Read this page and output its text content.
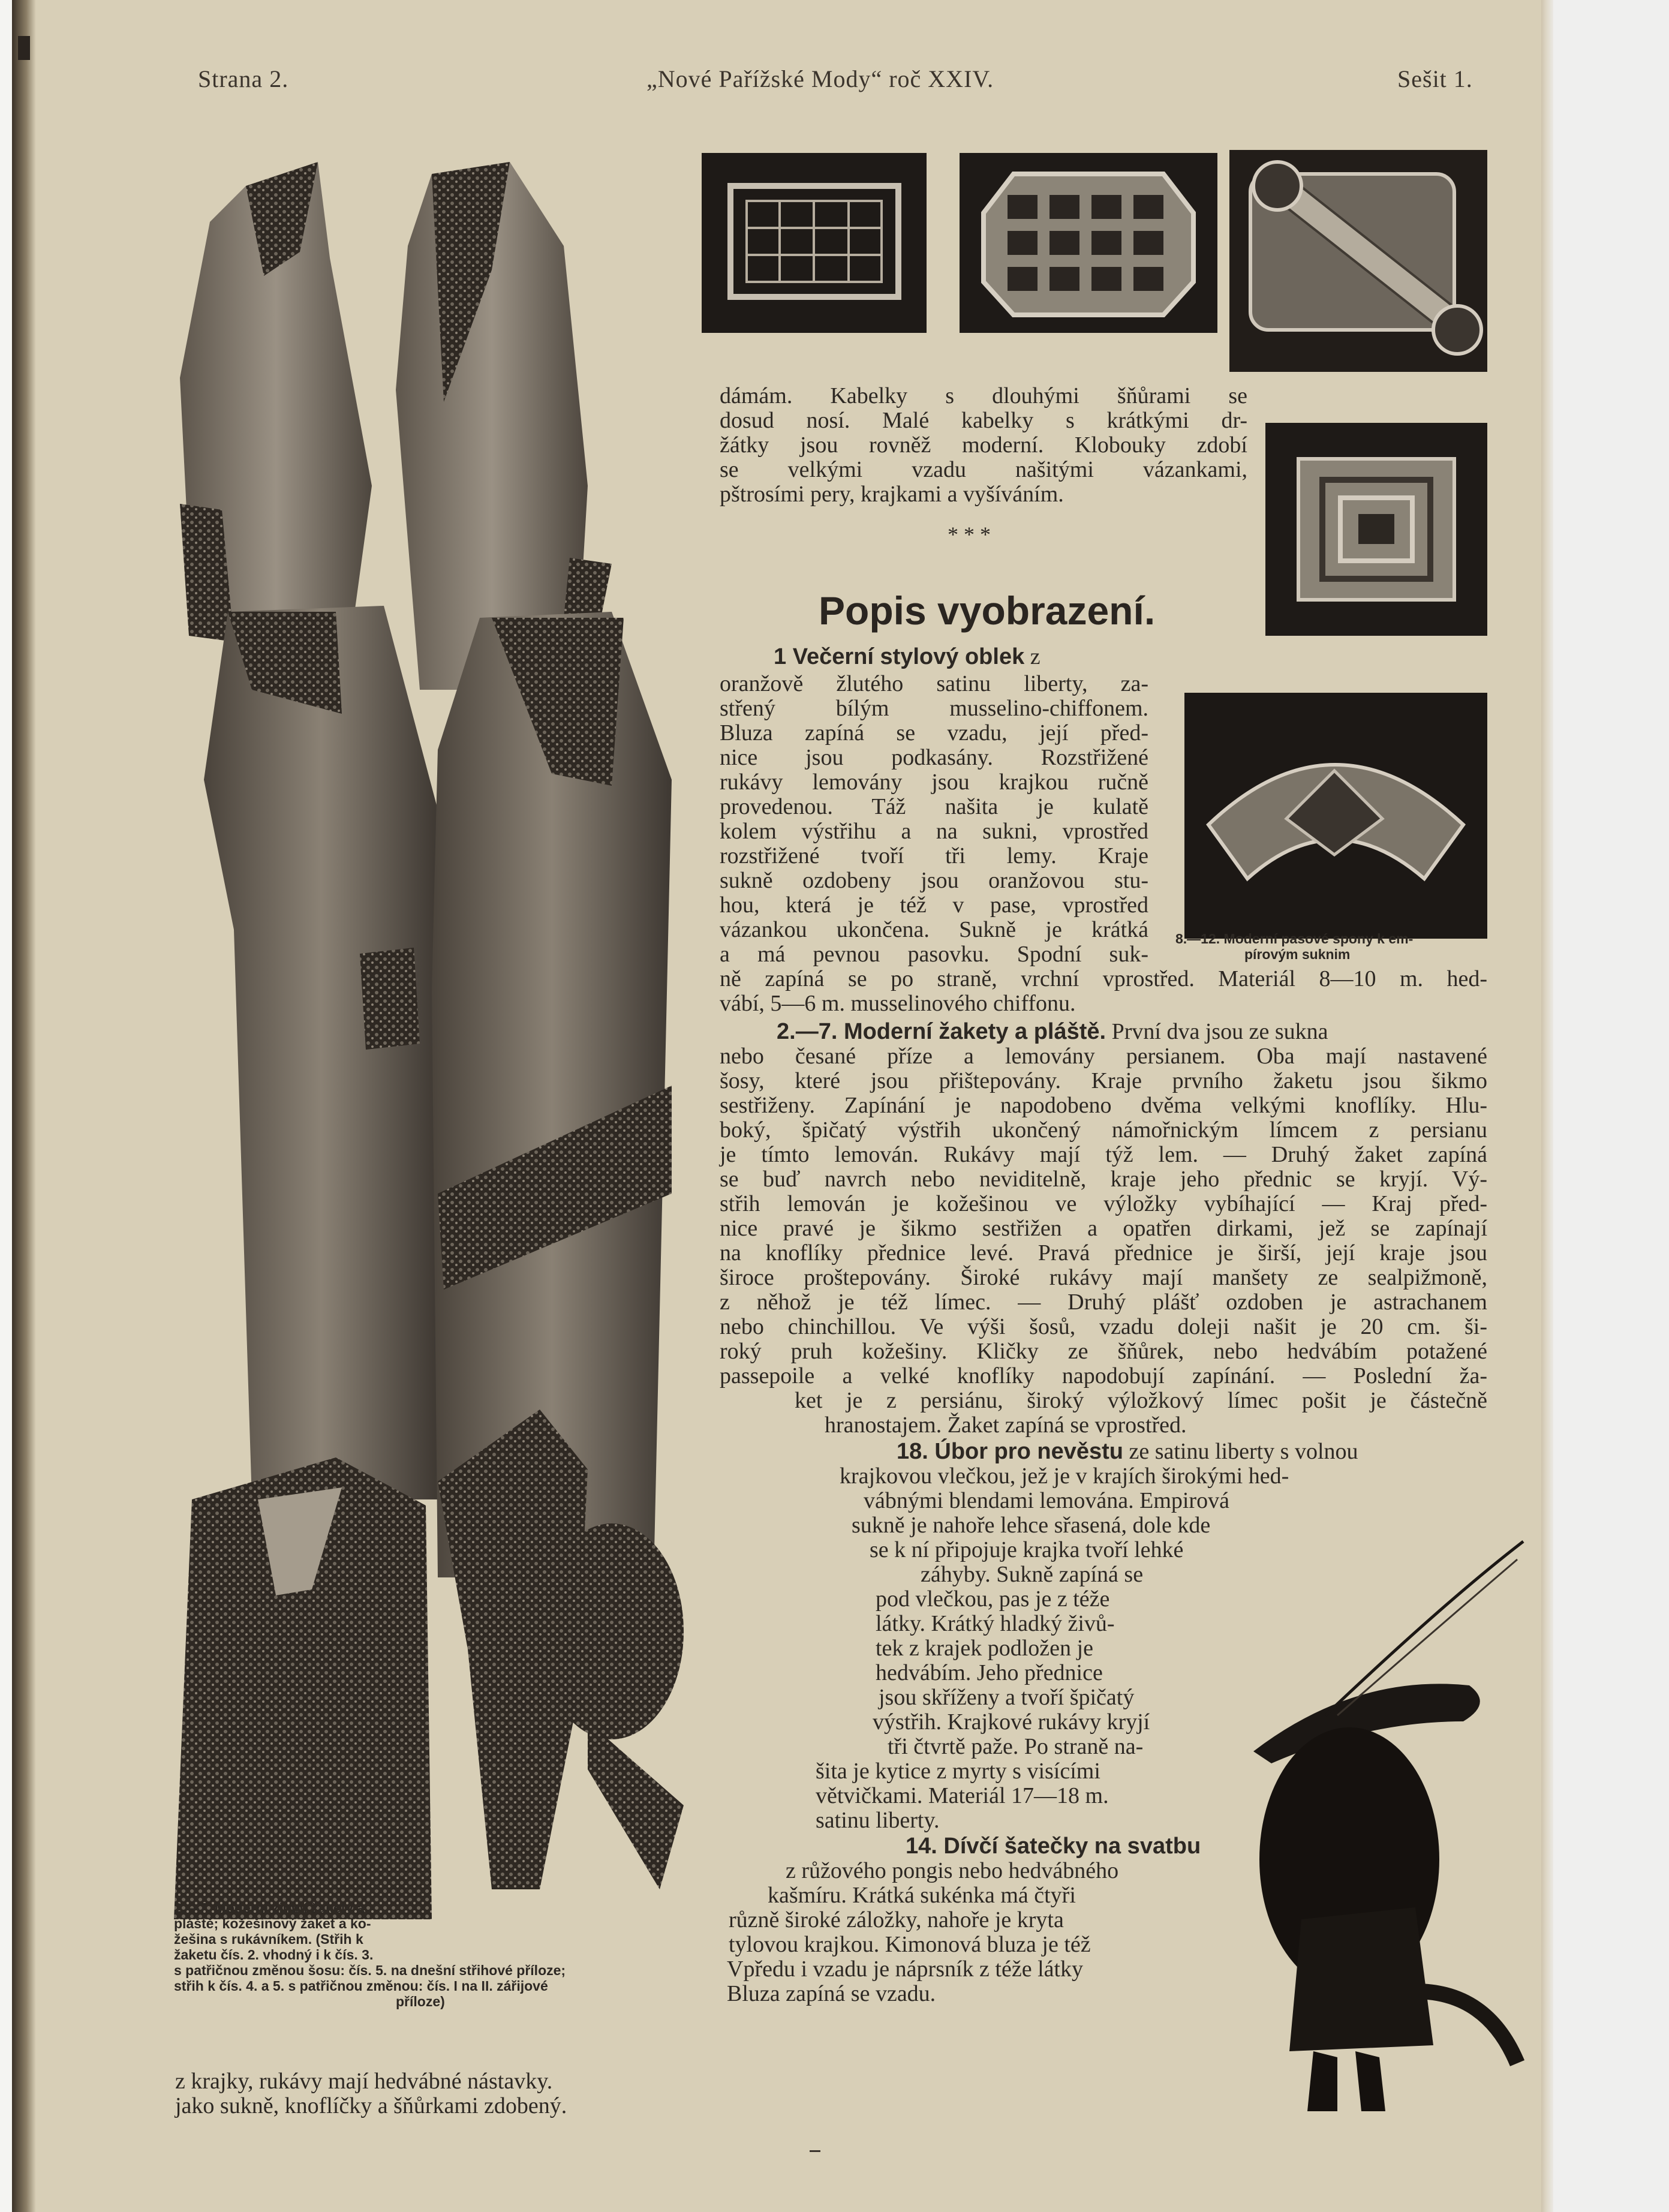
Strana 2.	„Nové Pařížské Mody“ roč XXIV.	Sešit 1.
dámám. Kabelky s dlouhými šňůrami se
dosud nosí. Malé kabelky s krátkými dr-
žátky jsou rovněž moderní. Klobouky zdobí
se velkými vzadu našitými vázankami,
pštrosími pery, krajkami a vyšíváním.
* * *
Popis vyobrazení.
1 Večerní stylový oblek z
oranžově žlutého satinu liberty, za-
střený bílým musselino-chiffonem.
Bluza zapíná se vzadu, její před-
nice jsou podkasány. Rozstřižené
rukávy lemovány jsou krajkou ručně
provedenou. Táž našita je kulatě
kolem výstřihu a na sukni, vprostřed
rozstřižené tvoří tři lemy. Kraje
sukně ozdobeny jsou oranžovou stu-
hou, která je též v pase, vprostřed
vázankou ukončena. Sukně je krátká
a má pevnou pasovku. Spodní suk-
ně zapíná se po straně, vrchní vprostřed. Materiál 8—10 m. hed-
vábí, 5—6 m. musselinového chiffonu.
8.—12. Moderní pasové spony k em-
pírovým suknim
2.—7. Moderní žakety a pláště. První dva jsou ze sukna
nebo česané příze a lemovány persianem. Oba mají nastavené
šosy, které jsou přištepovány. Kraje prvního žaketu jsou šikmo
sestřiženy. Zapínání je napodobeno dvěma velkými knoflíky. Hlu-
boký, špičatý výstřih ukončený námořnickým límcem z persianu
je tímto lemován. Rukávy mají týž lem. — Druhý žaket zapíná
se buď navrch nebo neviditelně, kraje jeho přednic se kryjí. Vý-
střih lemován je kožešinou ve výložky vybíhající — Kraj před-
nice pravé je šikmo sestřižen a opatřen dirkami, jež se zapínají
na knoflíky přednice levé. Pravá přednice je širší, její kraje jsou
široce proštepovány. Široké rukávy mají manšety ze sealpižmoně,
z něhož je též límec. — Druhý plášť ozdoben je astrachanem
nebo chinchillou. Ve výši šosů, vzadu doleji našit je 20 cm. ši-
roký pruh kožešiny. Kličky ze šňůrek, nebo hedvábím potažené
passepoile a velké knoflíky napodobují zapínání. — Poslední ža-
ket je z persiánu, široký výložkový límec pošit je částečně
hranostajem. Žaket zapíná se vprostřed.
18. Úbor pro nevěstu ze satinu liberty s volnou
krajkovou vlečkou, jež je v krajích širokými hed-
vábnými blendami lemována. Empirová
sukně je nahoře lehce sřasená, dole kde
se k ní připojuje krajka tvoří lehké
záhyby. Sukně zapíná se
pod vlečkou, pas je z téže
látky. Krátký hladký živů-
tek z krajek podložen je
hedvábím. Jeho přednice
jsou skříženy a tvoří špičatý
výstřih. Krajkové rukávy kryjí
tři čtvrtě paže. Po straně na-
šita je kytice z myrty s visícími
větvičkami. Materiál 17—18 m.
satinu liberty.
14. Dívčí šatečky na svatbu
z růžového pongis nebo hedvábného
kašmíru. Krátká sukénka má čtyři
různě široké záložky, nahoře je kryta
tylovou krajkou. Kimonová bluza je též
Vpředu i vzadu je náprsník z téže látky
Bluza zapíná se vzadu.
2.—7. Moderní zimní žakety a
pláště; kožešinový žaket a ko-
žešina s rukávníkem. (Střih k
žaketu čís. 2. vhodný i k čís. 3.
s patřičnou změnou šosu: čís. 5. na dnešní střihové příloze;
střih k čís. 4. a 5. s patřičnou změnou: čís. I na II. zářijové
příloze)
z krajky, rukávy mají hedvábné nástavky.
jako sukně, knoflíčky a šňůrkami zdobený.
